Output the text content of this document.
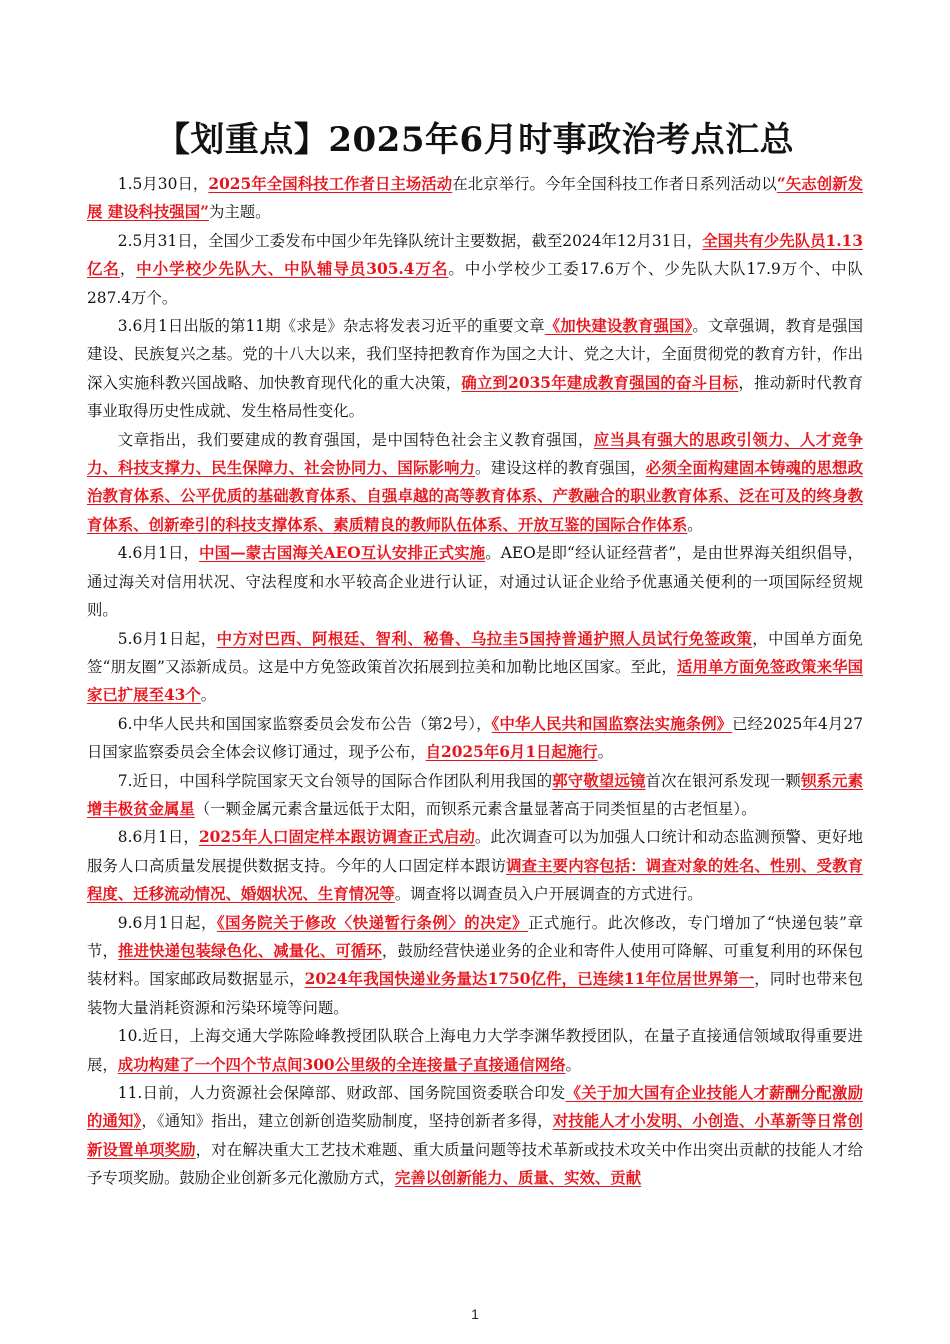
【划重点】2025年6月时事政治考点汇总

1.5月30日，2025年全国科技工作者日主场活动在北京举行。今年全国科技工作者日系列活动以“矢志创新发展 建设科技强国”为主题。

2.5月31日，全国少工委发布中国少年先锋队统计主要数据，截至2024年12月31日，全国共有少先队员1.13亿名，中小学校少先队大、中队辅导员305.4万名。中小学校少工委17.6万个、少先队大队17.9万个、中队287.4万个。

3.6月1日出版的第11期《求是》杂志将发表习近平的重要文章《加快建设教育强国》。文章强调，教育是强国建设、民族复兴之基。党的十八大以来，我们坚持把教育作为国之大计、党之大计，全面贯彻党的教育方针，作出深入实施科教兴国战略、加快教育现代化的重大决策，确立到2035年建成教育强国的奋斗目标，推动新时代教育事业取得历史性成就、发生格局性变化。

文章指出，我们要建成的教育强国，是中国特色社会主义教育强国，应当具有强大的思政引领力、人才竞争力、科技支撑力、民生保障力、社会协同力、国际影响力。建设这样的教育强国，必须全面构建固本铸魂的思想政治教育体系、公平优质的基础教育体系、自强卓越的高等教育体系、产教融合的职业教育体系、泛在可及的终身教育体系、创新牵引的科技支撑体系、素质精良的教师队伍体系、开放互鉴的国际合作体系。

4.6月1日，中国—蒙古国海关AEO互认安排正式实施。AEO是即“经认证经营者”，是由世界海关组织倡导，通过海关对信用状况、守法程度和水平较高企业进行认证，对通过认证企业给予优惠通关便利的一项国际经贸规则。

5.6月1日起，中方对巴西、阿根廷、智利、秘鲁、乌拉圭5国持普通护照人员试行免签政策，中国单方面免签“朋友圈”又添新成员。这是中方免签政策首次拓展到拉美和加勒比地区国家。至此，适用单方面免签政策来华国家已扩展至43个。

6.中华人民共和国国家监察委员会发布公告（第2号），《中华人民共和国监察法实施条例》已经2025年4月27日国家监察委员会全体会议修订通过，现予公布，自2025年6月1日起施行。

7.近日，中国科学院国家天文台领导的国际合作团队利用我国的郭守敬望远镜首次在银河系发现一颗钡系元素增丰极贫金属星（一颗金属元素含量远低于太阳，而钡系元素含量显著高于同类恒星的古老恒星）。

8.6月1日，2025年人口固定样本跟访调查正式启动。此次调查可以为加强人口统计和动态监测预警、更好地服务人口高质量发展提供数据支持。今年的人口固定样本跟访调查主要内容包括：调查对象的姓名、性别、受教育程度、迁移流动情况、婚姻状况、生育情况等。调查将以调查员入户开展调查的方式进行。

9.6月1日起，《国务院关于修改〈快递暂行条例〉的决定》正式施行。此次修改，专门增加了“快递包装”章节，推进快递包装绿色化、减量化、可循环，鼓励经营快递业务的企业和寄件人使用可降解、可重复利用的环保包装材料。国家邮政局数据显示，2024年我国快递业务量达1750亿件，已连续11年位居世界第一，同时也带来包装物大量消耗资源和污染环境等问题。

10.近日，上海交通大学陈险峰教授团队联合上海电力大学李渊华教授团队，在量子直接通信领域取得重要进展，成功构建了一个四个节点间300公里级的全连接量子直接通信网络。

11.日前，人力资源社会保障部、财政部、国务院国资委联合印发《关于加大国有企业技能人才薪酬分配激励的通知》，《通知》指出，建立创新创造奖励制度，坚持创新者多得，对技能人才小发明、小创造、小革新等日常创新设置单项奖励，对在解决重大工艺技术难题、重大质量问题等技术革新或技术攻关中作出突出贡献的技能人才给予专项奖励。鼓励企业创新多元化激励方式，完善以创新能力、质量、实效、贡献

1
